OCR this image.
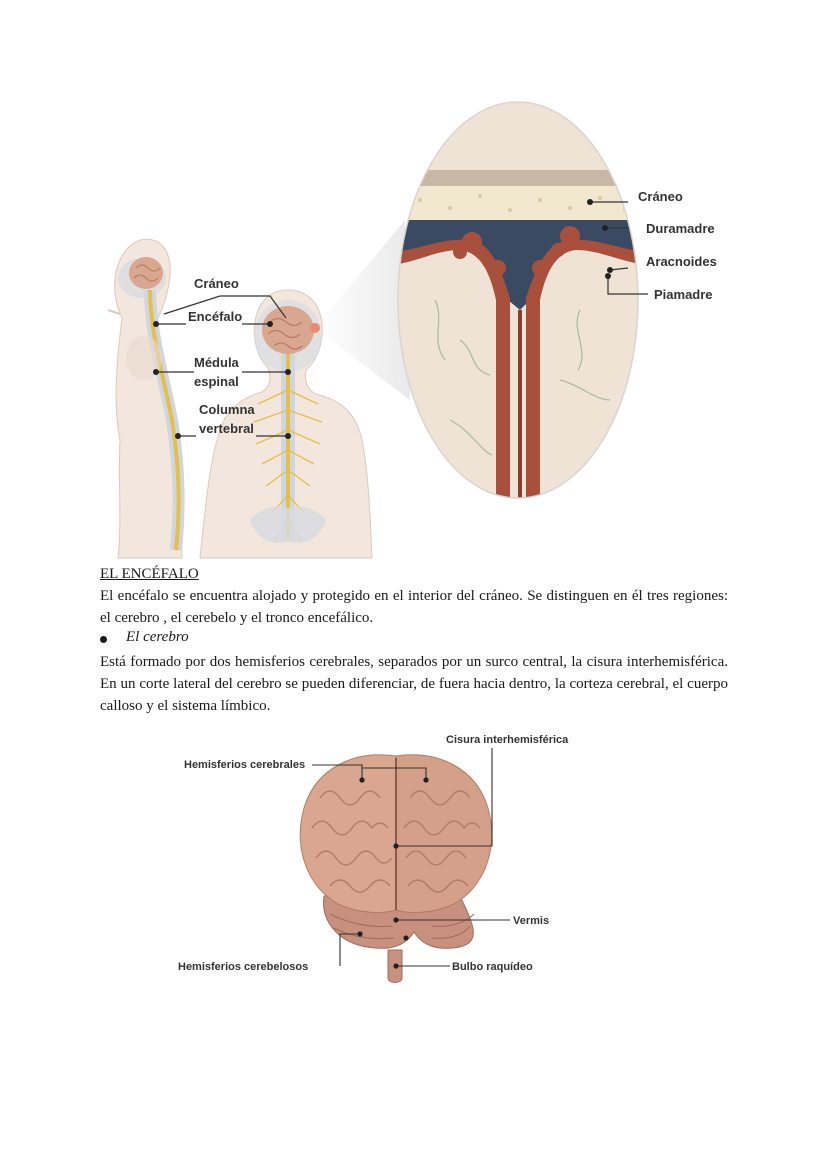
Cráneo
Encéfalo
Médula
espinal
Columna
vertebral
Cráneo
Duramadre
Aracnoides
Piamadre
EL ENCÉFALO
El encéfalo se encuentra alojado y protegido en el interior del cráneo. Se distinguen en él tres regiones: el cerebro , el cerebelo y el tronco encefálico.
El cerebro
Está formado por dos hemisferios cerebrales, separados por un surco central, la cisura interhemisférica. En un corte lateral del cerebro se pueden diferenciar, de fuera hacia dentro, la corteza cerebral, el cuerpo calloso y el sistema límbico.
Cisura interhemisférica
Hemisferios cerebrales
Vermis
Hemisferios cerebelosos	Bulbo raquídeo
